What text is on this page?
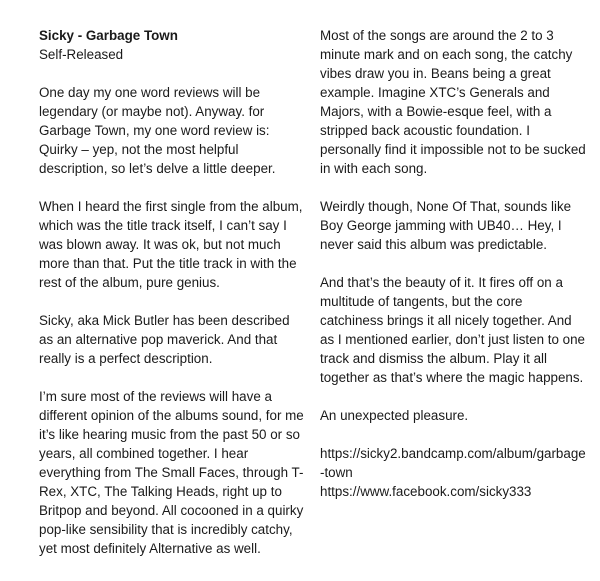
Sicky - Garbage Town
Self-Released

One day my one word reviews will be legendary (or maybe not). Anyway. for Garbage Town, my one word review is: Quirky – yep, not the most helpful description, so let’s delve a little deeper.

When I heard the first single from the album, which was the title track itself, I can’t say I was blown away. It was ok, but not much more than that. Put the title track in with the rest of the album, pure genius.

Sicky, aka Mick Butler has been described as an alternative pop maverick. And that really is a perfect description.

I’m sure most of the reviews will have a different opinion of the albums sound, for me it’s like hearing music from the past 50 or so years, all combined together. I hear everything from The Small Faces, through T-Rex, XTC, The Talking Heads, right up to Britpop and beyond. All cocooned in a quirky pop-like sensibility that is incredibly catchy, yet most definitely Alternative as well.

Most of the songs are around the 2 to 3 minute mark and on each song, the catchy vibes draw you in. Beans being a great example. Imagine XTC’s Generals and Majors, with a Bowie-esque feel, with a stripped back acoustic foundation. I personally find it impossible not to be sucked in with each song.

Weirdly though, None Of That, sounds like Boy George jamming with UB40… Hey, I never said this album was predictable.

And that’s the beauty of it. It fires off on a multitude of tangents, but the core catchiness brings it all nicely together. And as I mentioned earlier, don’t just listen to one track and dismiss the album. Play it all together as that’s where the magic happens.

An unexpected pleasure.

https://sicky2.bandcamp.com/album/garbage-town
https://www.facebook.com/sicky333
